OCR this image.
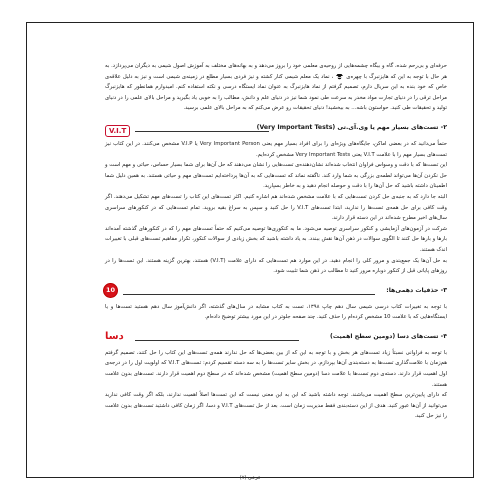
حرفه‌ای و بی‌رحم شده، گاه و بیگاه چشمه‌هایی از روحیه‌ی معلمی خود را بروز می‌دهد و به بهانه‌های مختلف به آموزش اصول شیمی به دیگران می‌پردازد. به هر حال با توجه به این که هایزنبرگ با چهره‌ی  ، نماد یک معلم شیمی کنار کشته و نیز فردی بسیار مطلع در زمینه‌ی شیمی است و نیز به دلیل علاقه‌ی خاص که خود بنده به این سریال دارم، تصمیم گرفتم از نماد هایزنبرگ به عنوان نماد ایستگاه درسی و نکته استفاده کنم. امیدوارم همانطور که هایزنبرگ مراحل ترقی را در دنیای تجارت مواد مخدر به سرعت طی نمود شما نیز در دنیای علم و دانش، مطالب را به خوبی یاد بگیرید و مراحل بالای علمی را در دنیای تولید و تحقیقات طی کنید. حواستون باشه... به بیخشید! دنیای تحقیقات رو عرض می‌کنم که به مراحل بالای علمی برسید.

۲- تست‌های بسیار مهم یا وی.آی.تی (Very Important Tests)
V.I.T

حتماً می‌دانید که در بعضی اماکن، جایگاه‌های ویژه‌ای را برای افراد بسیار مهم یعنی Very Important Person یا V.I.P مشخص می‌کنند. در این کتاب نیز تست‌های بسیار مهم را با علامت V.I.T یعنی Very Important Tests مشخص کرده‌ایم.

این تست‌ها که با دقت و وسواس فراوان انتخاب شده‌اند نشان‌دهنده‌ی تست‌هایی را نشان می‌دهند که حل آن‌ها برای شما بسیار حساس، حیاتی و مهم است و حل نکردن آن‌ها می‌تواند لطمه‌ی بزرگی به شما وارد کند. ناگفته نماند که تست‌هایی که به آن‌ها پرداخته‌ایم تست‌های مهم و حیاتی هستند. به همین دلیل شما اطمینان داشته باشید که حل آن‌ها را با دقت و حوصله انجام دهید و به خاطر بسپارید.

البته جا دارد که به جنبه‌ی حل کردن تست‌هایی که با علامت مشخص شده‌اند هم اشاره کنیم. اکثر تست‌های این کتاب را تست‌های مهم تشکیل می‌دهند. اگر وقت کافی برای حل همه‌ی تست‌ها را ندارید، ابتدا تست‌های V.I.T را حل کنید و سپس به سراغ بقیه بروید. تمام تست‌هایی که در کنکورهای سراسری سال‌های اخیر مطرح شده‌اند در این دسته قرار دارند.

شرکت در آزمون‌های آزمایشی و کنکور سراسری توصیه می‌شود. ما به کنکوری‌ها توصیه می‌کنیم که حتماً تست‌های مهم را که در کنکورهای گذشته آمده‌اند بارها و بارها حل کنند تا الگوی سوالات در ذهن آن‌ها نقش ببندد. به یاد داشته باشید که بخش زیادی از سوالات کنکور، تکرار مفاهیم تست‌های قبلی با تغییرات اندک هستند.

به حل آن‌ها یک جمع‌بندی و مرور کلی را انجام دهید. در این موارد هم تست‌هایی که دارای علامت (V.I.T) هستند، بهترین گزینه هستند. این تست‌ها را در روزهای پایانی قبل از کنکور دوباره مرور کنید تا مطالب در ذهن شما تثبیت شود.

۳- حذفیات دهمی‌ها:
10

با توجه به تغییرات کتاب درسی شیمی سال دهم چاپ ۱۳۹۸، تست به کتاب مشابه در سال‌های گذشته، اگر دانش‌آموز سال دهم هستید تست‌ها و یا ایستگاه‌هایی که با علامت 10 مشخص کرده‌ام را حذف کنید. چند صفحه جلوتر در این مورد بیشتر توضیح داده‌ام.

۴- تست‌های دسا (دومین سطح اهمیت)
دسا

با توجه به فراوانی نسبتاً زیاد تست‌های هر بخش و با توجه به این که از بین بعضی‌ها که حل ندارند همه‌ی تست‌های این کتاب را حل کنند، تصمیم گرفتم هم‌زمان با علامت‌گذاری تست‌ها به دسته‌بندی آن‌ها بپردازم. در بخش سایر تست‌ها را به سه دسته تقسیم کردم: تست‌های V.I.T که اولویت اول را در درجه‌ی اول اهمیت قرار دارند. دسته‌ی دوم تست‌ها با علامت دسا (دومین سطح اهمیت) مشخص شده‌اند که در سطح دوم اهمیت قرار دارند. تست‌های بدون علامت هستند.

که دارای پایین‌ترین سطح اهمیت می‌باشند. توجه داشته باشید که این به این معنی نیست که این تست‌ها اصلاً اهمیت ندارند، بلکه اگر وقت کافی ندارید می‌توانید از آن‌ها عبور کنید. هدف از این دسته‌بندی فقط مدیریت زمان است. بعد از حل تست‌های V.I.T و دسا، اگر زمان کافی داشتید تست‌های بدون علامت را نیز حل کنید.

فرعی (۷)
